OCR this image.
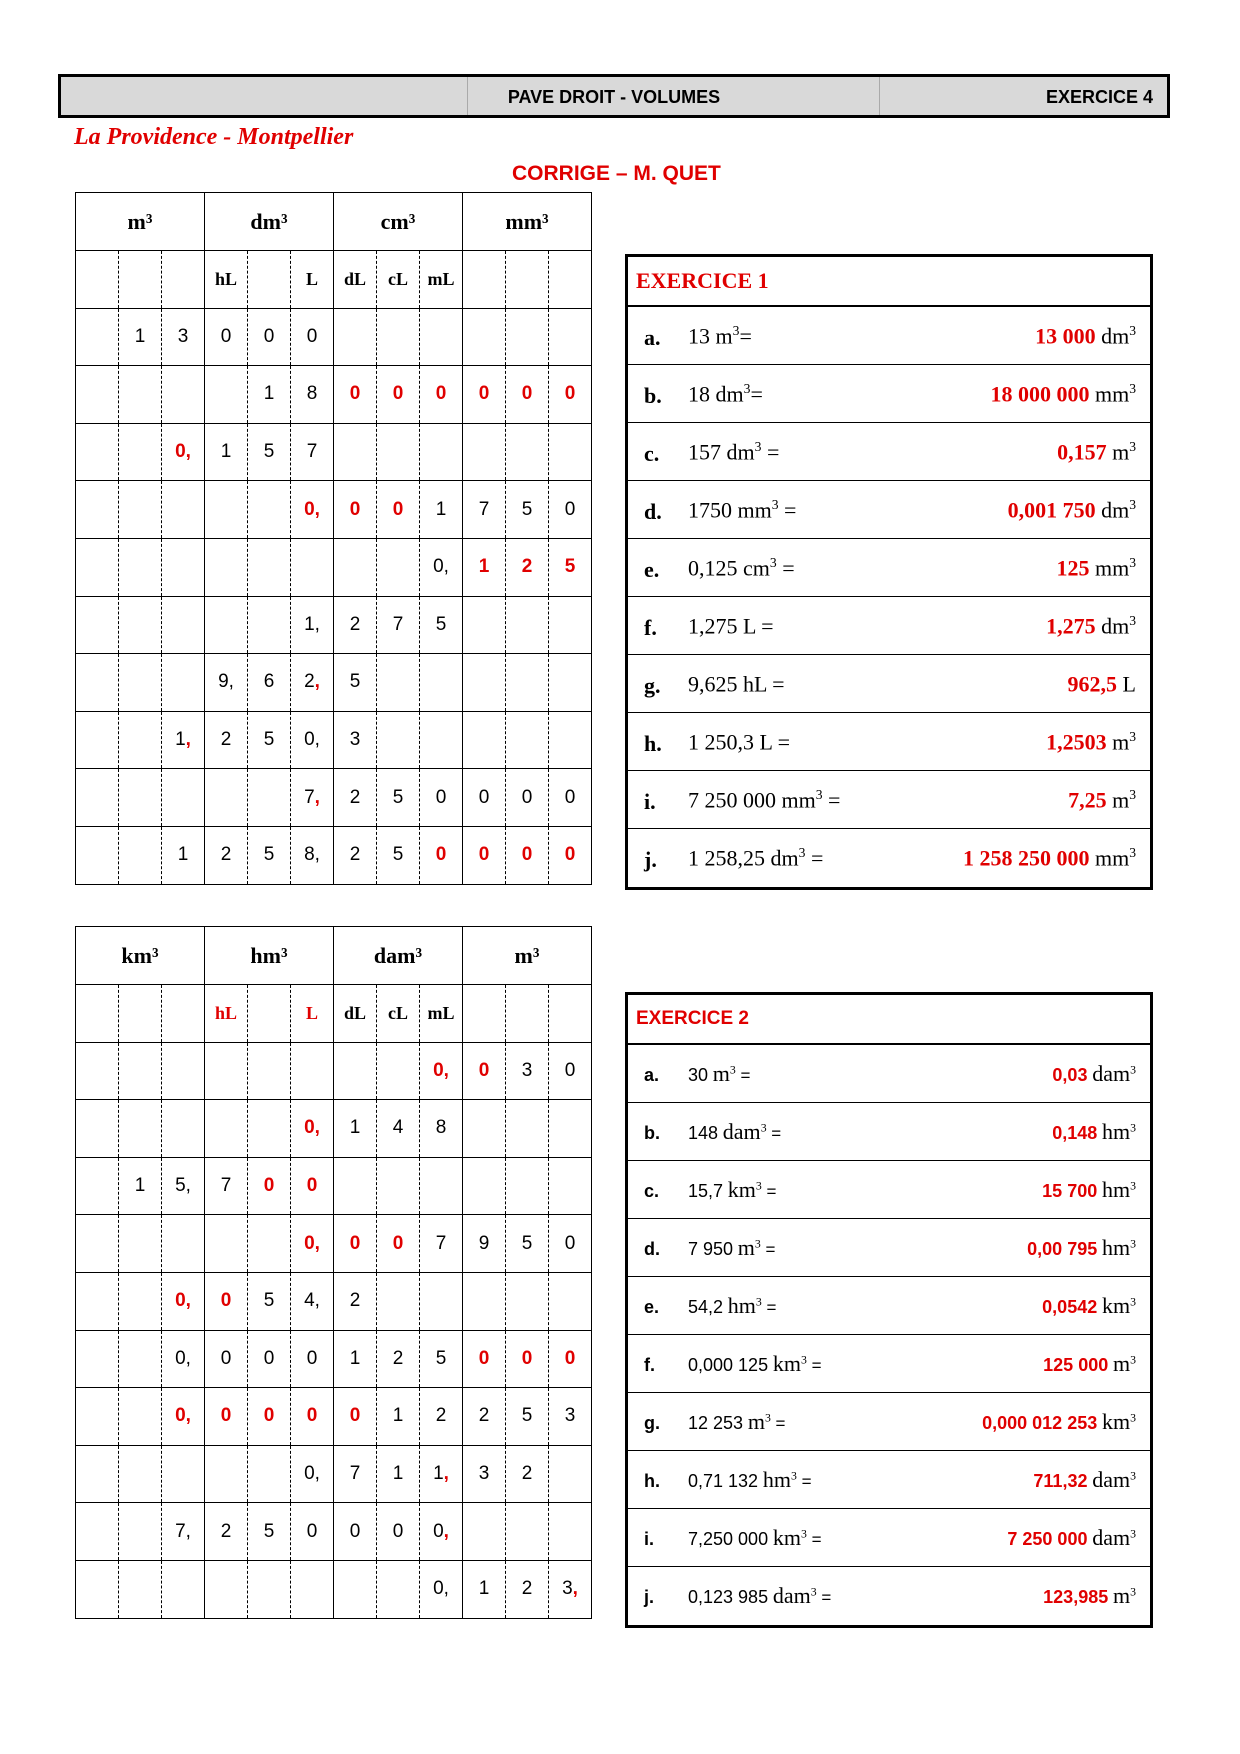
PAVE DROIT - VOLUMES	EXERCICE 4
La Providence - Montpellier
CORRIGE – M. QUET
m³			dm³			cm³			mm³		
			hL		L	dL	cL	mL			
	1	3	0	0	0						
				1	8	0	0	0	0	0	0
		0,	1	5	7						
					0,	0	0	1	7	5	0
								0,	1	2	5
					1,	2	7	5			
			9,	6	2,	5					
		1,	2	5	0,	3					
					7,	2	5	0	0	0	0
		1	2	5	8,	2	5	0	0	0	0
km³			hm³			dam³			m³		
			hL		L	dL	cL	mL			
								0,	0	3	0
					0,	1	4	8			
	1	5,	7	0	0						
					0,	0	0	7	9	5	0
		0,	0	5	4,	2					
		0,	0	0	0	1	2	5	0	0	0
		0,	0	0	0	0	1	2	2	5	3
					0,	7	1	1,	3	2	
		7,	2	5	0	0	0	0,			
								0,	1	2	3,
EXERCICE 1
a. 13 $m^3=$	13 000 $dm^3$
b. 18 $dm^3=$	18 000 000 $mm^3$
c. 157 $dm^3$ =	0,157 $m^3$
d. 1750 $mm^3$ =	0,001 750 $dm^3$
e. 0,125 $cm^3$ =	125 $mm^3$
f. 1,275 L =	1,275 $dm^3$
g. 9,625 hL =	962,5 L
h. 1 250,3 L =	1,2503 $m^3$
i. 7 250 000 $mm^3$ =	7,25 $m^3$
j. 1 258,25 $dm^3$ =	1 258 250 000 $mm^3$
EXERCICE 2
a. 30 $m^3$ =	0,03 dam$^3$
b. 148 dam$^3$ =	0,148 $hm^3$
c. 15,7 $km^3$ =	15 700 $hm^3$
d. 7 950 $m^3$ =	0,00 795 $hm^3$
e. 54,2 $hm^3$ =	0,0542 $km^3$
f. 0,000 125 $km^3$ =	125 000 $m^3$
g. 12 253 $m^3$ =	0,000 012 253 $km^3$
h. 0,71 132 $hm^3$ =	711,32 dam$^3$
i. 7,250 000 $km^3$ =	7 250 000 dam$^3$
j. 0,123 985 dam$^3$ =	123,985 $m^3$
